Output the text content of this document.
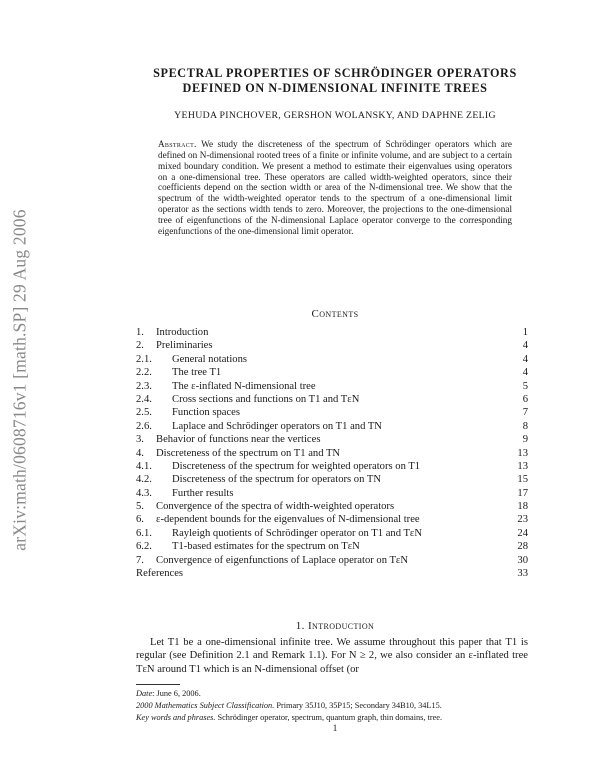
arXiv:math/0608716v1 [math.SP] 29 Aug 2006
SPECTRAL PROPERTIES OF SCHRÖDINGER OPERATORS
DEFINED ON N-DIMENSIONAL INFINITE TREES
YEHUDA PINCHOVER, GERSHON WOLANSKY, AND DAPHNE ZELIG
Abstract. We study the discreteness of the spectrum of Schrödinger operators which are defined on N-dimensional rooted trees of a finite or infinite volume, and are subject to a certain mixed boundary condition. We present a method to estimate their eigenvalues using operators on a one-dimensional tree. These operators are called width-weighted operators, since their coefficients depend on the section width or area of the N-dimensional tree. We show that the spectrum of the width-weighted operator tends to the spectrum of a one-dimensional limit operator as the sections width tends to zero. Moreover, the projections to the one-dimensional tree of eigenfunctions of the N-dimensional Laplace operator converge to the corresponding eigenfunctions of the one-dimensional limit operator.
Contents
1. Introduction	1
2. Preliminaries	4
2.1. General notations	4
2.2. The tree T1	4
2.3. The ε-inflated N-dimensional tree	5
2.4. Cross sections and functions on T1 and TεN	6
2.5. Function spaces	7
2.6. Laplace and Schrödinger operators on T1 and TN	8
3. Behavior of functions near the vertices	9
4. Discreteness of the spectrum on T1 and TN	13
4.1. Discreteness of the spectrum for weighted operators on T1	13
4.2. Discreteness of the spectrum for operators on TN	15
4.3. Further results	17
5. Convergence of the spectra of width-weighted operators	18
6. ε-dependent bounds for the eigenvalues of N-dimensional tree	23
6.1. Rayleigh quotients of Schrödinger operator on T1 and TεN	24
6.2. T1-based estimates for the spectrum on TεN	28
7. Convergence of eigenfunctions of Laplace operator on TεN	30
References	33
1. Introduction

Let T1 be a one-dimensional infinite tree. We assume throughout this paper that T1 is regular (see Definition 2.1 and Remark 1.1). For N ≥ 2, we also consider an ε-inflated tree TεN around T1 which is an N-dimensional offset (or

Date: June 6, 2006.
2000 Mathematics Subject Classification. Primary 35J10, 35P15; Secondary 34B10, 34L15.
Key words and phrases. Schrödinger operator, spectrum, quantum graph, thin domains, tree.
1
